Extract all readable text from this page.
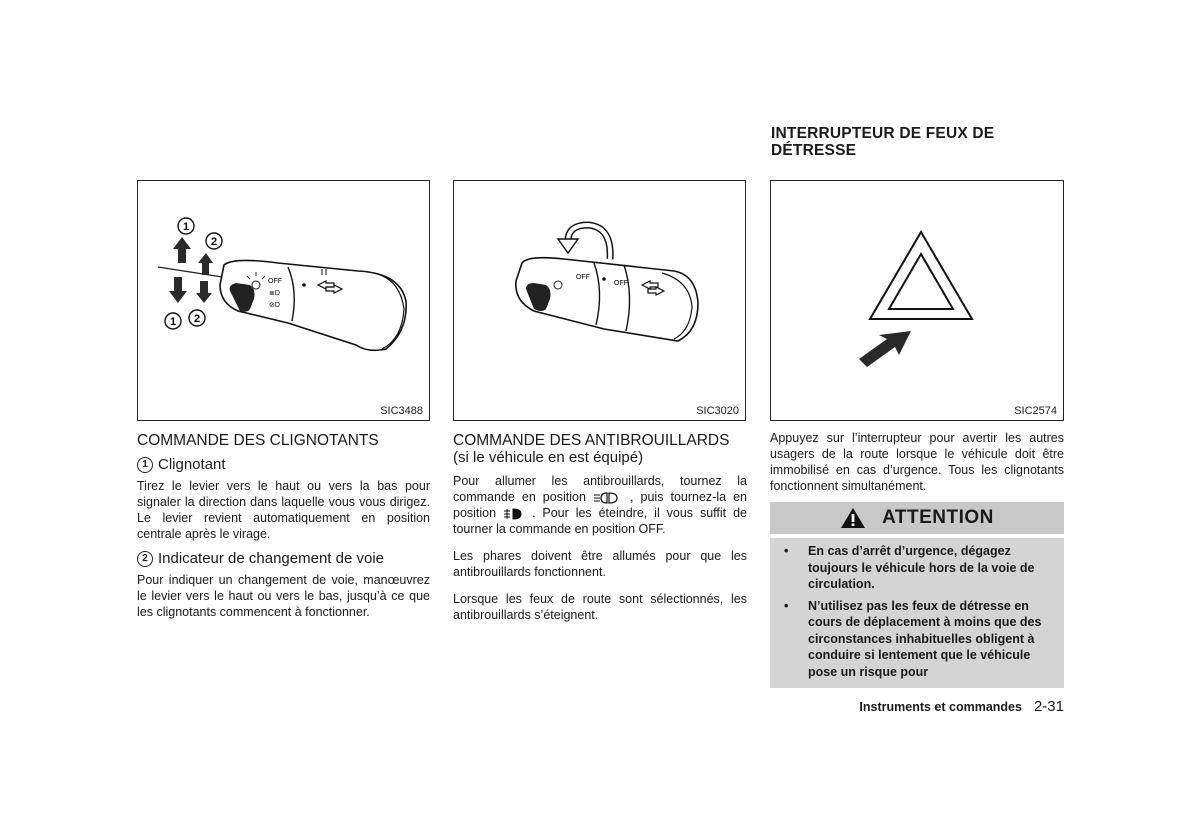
INTERRUPTEUR DE FEUX DE DÉTRESSE
OFF
≣D
⊘D
1
2
1 2
SIC3488
OFF
OFF
SIC3020	SIC2574
COMMANDE DES CLIGNOTANTS
1 Clignotant
Tirez le levier vers le haut ou vers la bas pour signaler la direction dans laquelle vous vous dirigez. Le levier revient automatiquement en position centrale après le virage.
2 Indicateur de changement de voie
Pour indiquer un changement de voie, manœuvrez le levier vers le haut ou vers le bas, jusqu’à ce que les clignotants commencent à fonctionner.
COMMANDE DES ANTIBROUILLARDS
(si le véhicule en est équipé)
Pour allumer les antibrouillards, tournez la commande en position	, puis tournez-la en position	. Pour les éteindre, il vous suffit de tourner la commande en position OFF.
Les phares doivent être allumés pour que les antibrouillards fonctionnent.
Lorsque les feux de route sont sélectionnés, les antibrouillards s’éteignent.
Appuyez sur l’interrupteur pour avertir les autres usagers de la route lorsque le véhicule doit être immobilisé en cas d’urgence. Tous les clignotants fonctionnent simultanément.
ATTENTION
•	En cas d’arrêt d’urgence, dégagez toujours le véhicule hors de la voie de circulation.
•	N’utilisez pas les feux de détresse en cours de déplacement à moins que des circonstances inhabituelles obligent à conduire si lentement que le véhicule pose un risque pour
Instruments et commandes 2-31
